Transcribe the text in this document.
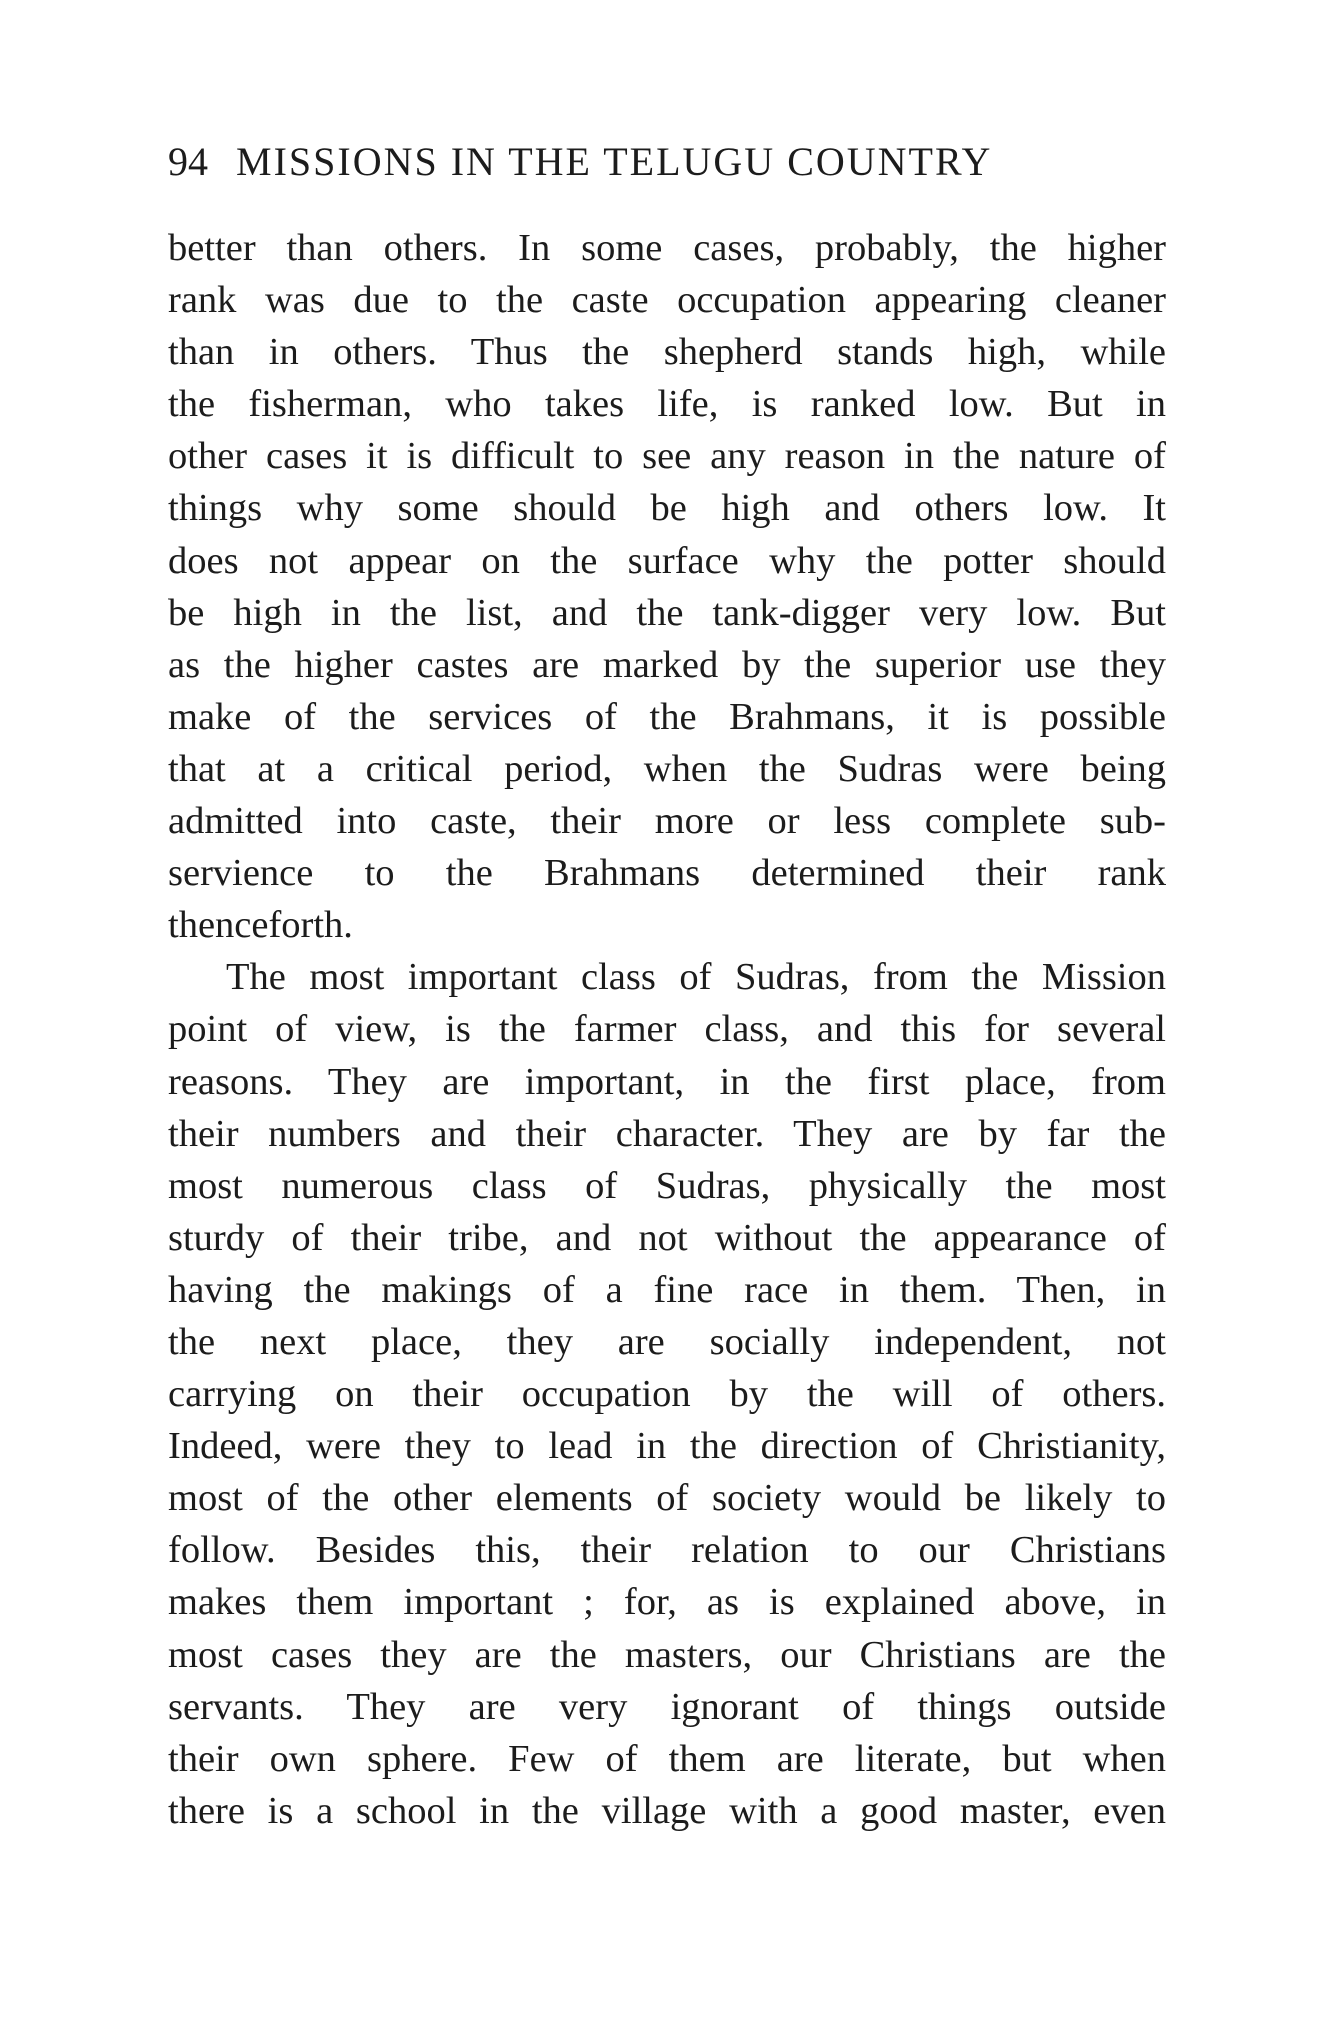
94 MISSIONS IN THE TELUGU COUNTRY
better than others. In some cases, probably, the higher
rank was due to the caste occupation appearing cleaner
than in others. Thus the shepherd stands high, while
the fisherman, who takes life, is ranked low. But in
other cases it is difficult to see any reason in the nature of
things why some should be high and others low. It
does not appear on the surface why the potter should
be high in the list, and the tank-digger very low. But
as the higher castes are marked by the superior use they
make of the services of the Brahmans, it is possible
that at a critical period, when the Sudras were being
admitted into caste, their more or less complete sub-
servience to the Brahmans determined their rank
thenceforth.
The most important class of Sudras, from the Mission
point of view, is the farmer class, and this for several
reasons. They are important, in the first place, from
their numbers and their character. They are by far the
most numerous class of Sudras, physically the most
sturdy of their tribe, and not without the appearance of
having the makings of a fine race in them. Then, in
the next place, they are socially independent, not
carrying on their occupation by the will of others.
Indeed, were they to lead in the direction of Christianity,
most of the other elements of society would be likely to
follow. Besides this, their relation to our Christians
makes them important ; for, as is explained above, in
most cases they are the masters, our Christians are the
servants. They are very ignorant of things outside
their own sphere. Few of them are literate, but when
there is a school in the village with a good master, even
